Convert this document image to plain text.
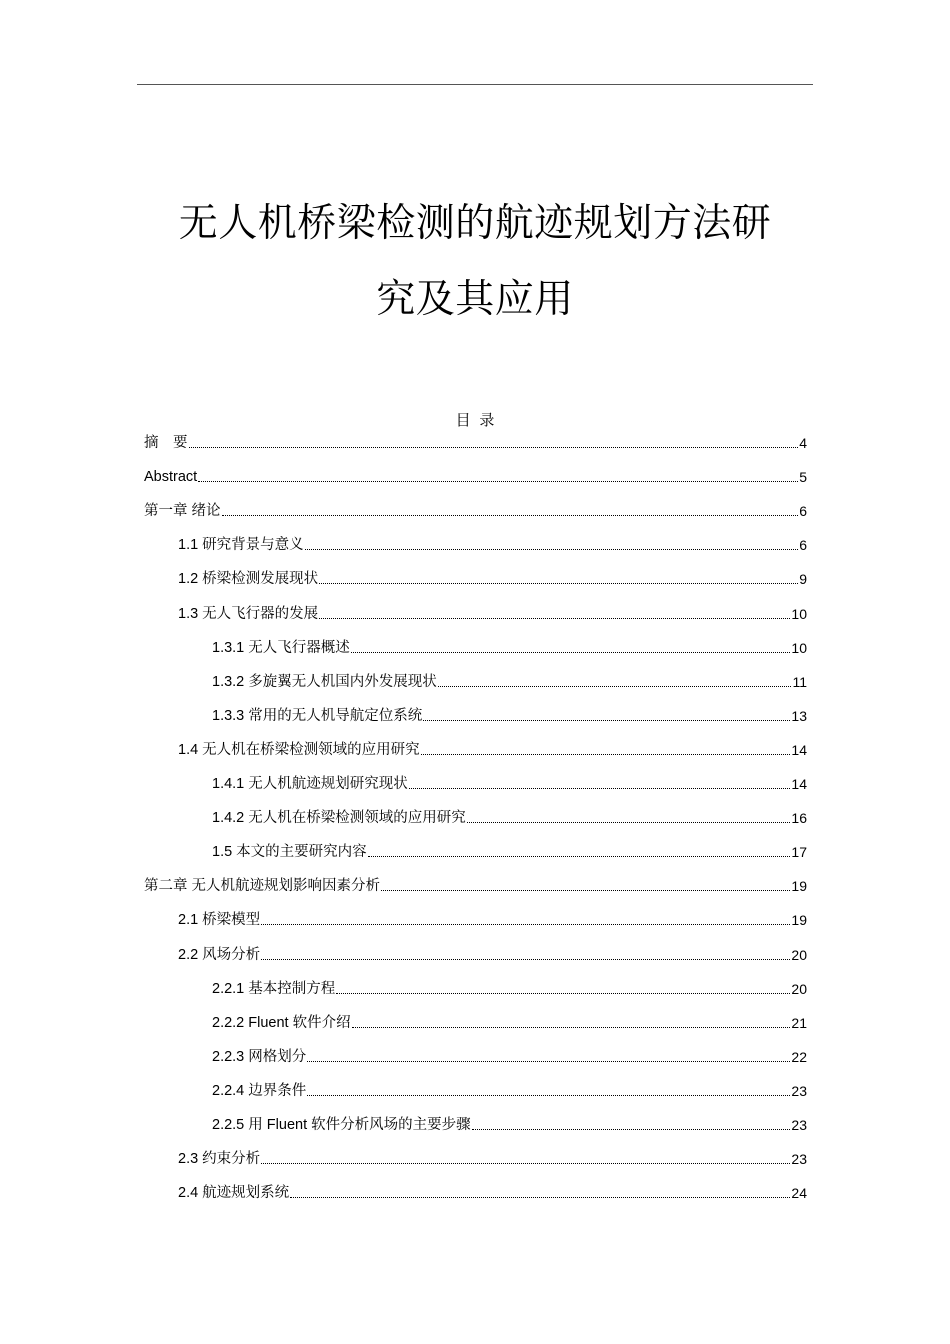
无人机桥梁检测的航迹规划方法研
究及其应用
目 录
摘　要	4
Abstract	5
第一章 绪论	6
1.1 研究背景与意义	6
1.2 桥梁检测发展现状	9
1.3 无人飞行器的发展	10
1.3.1 无人飞行器概述	10
1.3.2 多旋翼无人机国内外发展现状	11
1.3.3 常用的无人机导航定位系统	13
1.4 无人机在桥梁检测领域的应用研究	14
1.4.1 无人机航迹规划研究现状	14
1.4.2 无人机在桥梁检测领域的应用研究	16
1.5 本文的主要研究内容	17
第二章 无人机航迹规划影响因素分析	19
2.1 桥梁模型	19
2.2 风场分析	20
2.2.1 基本控制方程	20
2.2.2 Fluent 软件介绍	21
2.2.3 网格划分	22
2.2.4 边界条件	23
2.2.5 用 Fluent 软件分析风场的主要步骤	23
2.3 约束分析	23
2.4 航迹规划系统	24
